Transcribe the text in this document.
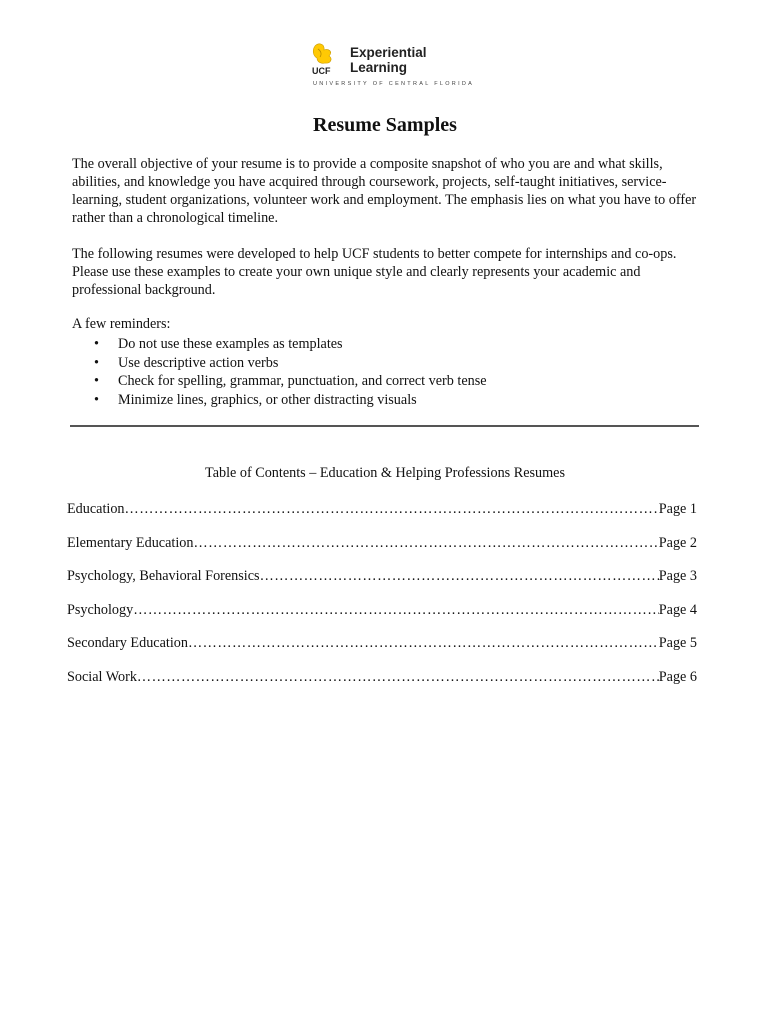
UCF
Experiential
Learning
UNIVERSITY OF CENTRAL FLORIDA
Resume Samples

The overall objective of your resume is to provide a composite snapshot of who you are and what skills, abilities, and knowledge you have acquired through coursework, projects, self-taught initiatives, service-learning, student organizations, volunteer work and employment. The emphasis lies on what you have to offer rather than a chronological timeline.

The following resumes were developed to help UCF students to better compete for internships and co-ops. Please use these examples to create your own unique style and clearly represents your academic and professional background.

A few reminders:

• Do not use these examples as templates
• Use descriptive action verbs
• Check for spelling, grammar, punctuation, and correct verb tense
• Minimize lines, graphics, or other distracting visuals

Table of Contents – Education & Helping Professions Resumes

Education …………………………………………………………………………………………………………………………………………………………………………	Page 1
Elementary Education …………………………………………………………………………………………………………………………………………………………………………	Page 2
Psychology, Behavioral Forensics …………………………………………………………………………………………………………………………………………………………………………	Page 3
Psychology …………………………………………………………………………………………………………………………………………………………………………	Page 4
Secondary Education …………………………………………………………………………………………………………………………………………………………………………	Page 5
Social Work …………………………………………………………………………………………………………………………………………………………………………	Page 6
